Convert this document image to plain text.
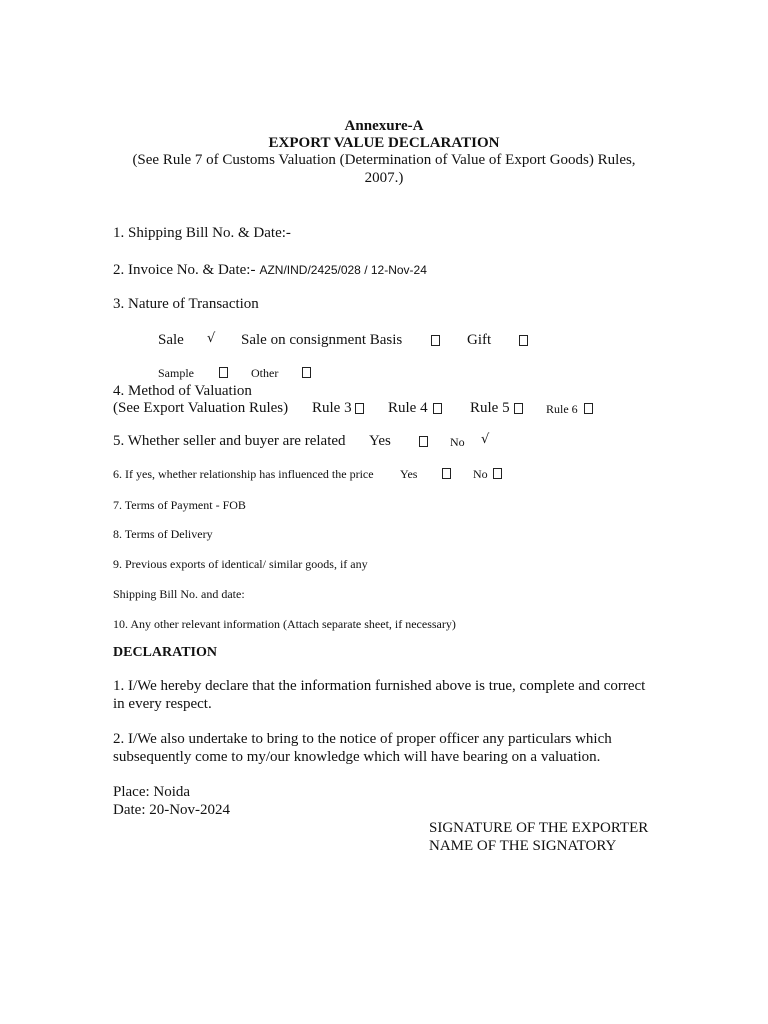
Annexure-A
EXPORT VALUE DECLARATION
(See Rule 7 of Customs Valuation (Determination of Value of Export Goods) Rules,
2007.)
1. Shipping Bill No. & Date:-
2. Invoice No. & Date:- AZN/IND/2425/028 / 12-Nov-24
3. Nature of Transaction
Sale √ Sale on consignment Basis	Gift
Sample	Other
4. Method of Valuation
(See Export Valuation Rules) Rule 3 Rule 4	Rule 5	Rule 6
5. Whether seller and buyer are related Yes	No √
6. If yes, whether relationship has influenced the price Yes	No
7. Terms of Payment - FOB
8. Terms of Delivery
9. Previous exports of identical/ similar goods, if any
Shipping Bill No. and date:
10. Any other relevant information (Attach separate sheet, if necessary)
DECLARATION
1. I/We hereby declare that the information furnished above is true, complete and correct in every respect.
2. I/We also undertake to bring to the notice of proper officer any particulars which subsequently come to my/our knowledge which will have bearing on a valuation.
Place: Noida
Date: 20-Nov-2024
SIGNATURE OF THE EXPORTER
NAME OF THE SIGNATORY
